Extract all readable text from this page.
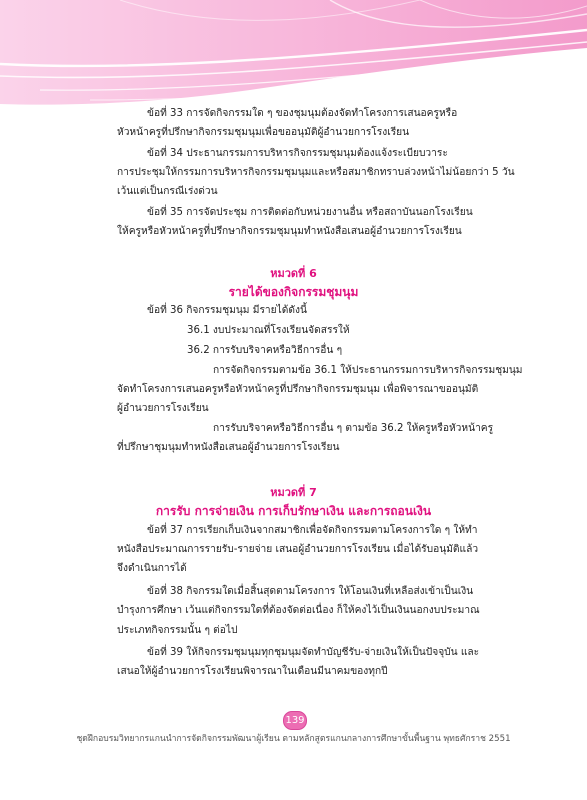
ข้อที่ 33 การจัดกิจกรรมใด ๆ ของชุมนุมต้องจัดทำโครงการเสนอครูหรือ
หัวหน้าครูที่ปรึกษากิจกรรมชุมนุมเพื่อขออนุมัติผู้อำนวยการโรงเรียน
ข้อที่ 34 ประธานกรรมการบริหารกิจกรรมชุมนุมต้องแจ้งระเบียบวาระ
การประชุมให้กรรมการบริหารกิจกรรมชุมนุมและหรือสมาชิกทราบล่วงหน้าไม่น้อยกว่า 5 วัน
เว้นแต่เป็นกรณีเร่งด่วน
ข้อที่ 35 การจัดประชุม การติดต่อกับหน่วยงานอื่น หรือสถาบันนอกโรงเรียน
ให้ครูหรือหัวหน้าครูที่ปรึกษากิจกรรมชุมนุมทำหนังสือเสนอผู้อำนวยการโรงเรียน
หมวดที่ 6
รายได้ของกิจกรรมชุมนุม
ข้อที่ 36 กิจกรรมชุมนุม มีรายได้ดังนี้
36.1 งบประมาณที่โรงเรียนจัดสรรให้
36.2 การรับบริจาคหรือวิธีการอื่น ๆ
การจัดกิจกรรมตามข้อ 36.1 ให้ประธานกรรมการบริหารกิจกรรมชุมนุม
จัดทำโครงการเสนอครูหรือหัวหน้าครูที่ปรึกษากิจกรรมชุมนุม เพื่อพิจารณาขออนุมัติ
ผู้อำนวยการโรงเรียน
การรับบริจาคหรือวิธีการอื่น ๆ ตามข้อ 36.2 ให้ครูหรือหัวหน้าครู
ที่ปรึกษาชุมนุมทำหนังสือเสนอผู้อำนวยการโรงเรียน
หมวดที่ 7
การรับ การจ่ายเงิน การเก็บรักษาเงิน และการถอนเงิน
ข้อที่ 37 การเรียกเก็บเงินจากสมาชิกเพื่อจัดกิจกรรมตามโครงการใด ๆ ให้ทำ
หนังสือประมาณการรายรับ-รายจ่าย เสนอผู้อำนวยการโรงเรียน เมื่อได้รับอนุมัติแล้ว
จึงดำเนินการได้
ข้อที่ 38 กิจกรรมใดเมื่อสิ้นสุดตามโครงการ ให้โอนเงินที่เหลือส่งเข้าเป็นเงิน
บำรุงการศึกษา เว้นแต่กิจกรรมใดที่ต้องจัดต่อเนื่อง ก็ให้คงไว้เป็นเงินนอกงบประมาณ
ประเภทกิจกรรมนั้น ๆ ต่อไป
ข้อที่ 39 ให้กิจกรรมชุมนุมทุกชุมนุมจัดทำบัญชีรับ-จ่ายเงินให้เป็นปัจจุบัน และ
เสนอให้ผู้อำนวยการโรงเรียนพิจารณาในเดือนมีนาคมของทุกปี
139
ชุดฝึกอบรมวิทยากรแกนนำการจัดกิจกรรมพัฒนาผู้เรียน ตามหลักสูตรแกนกลางการศึกษาขั้นพื้นฐาน พุทธศักราช 2551
